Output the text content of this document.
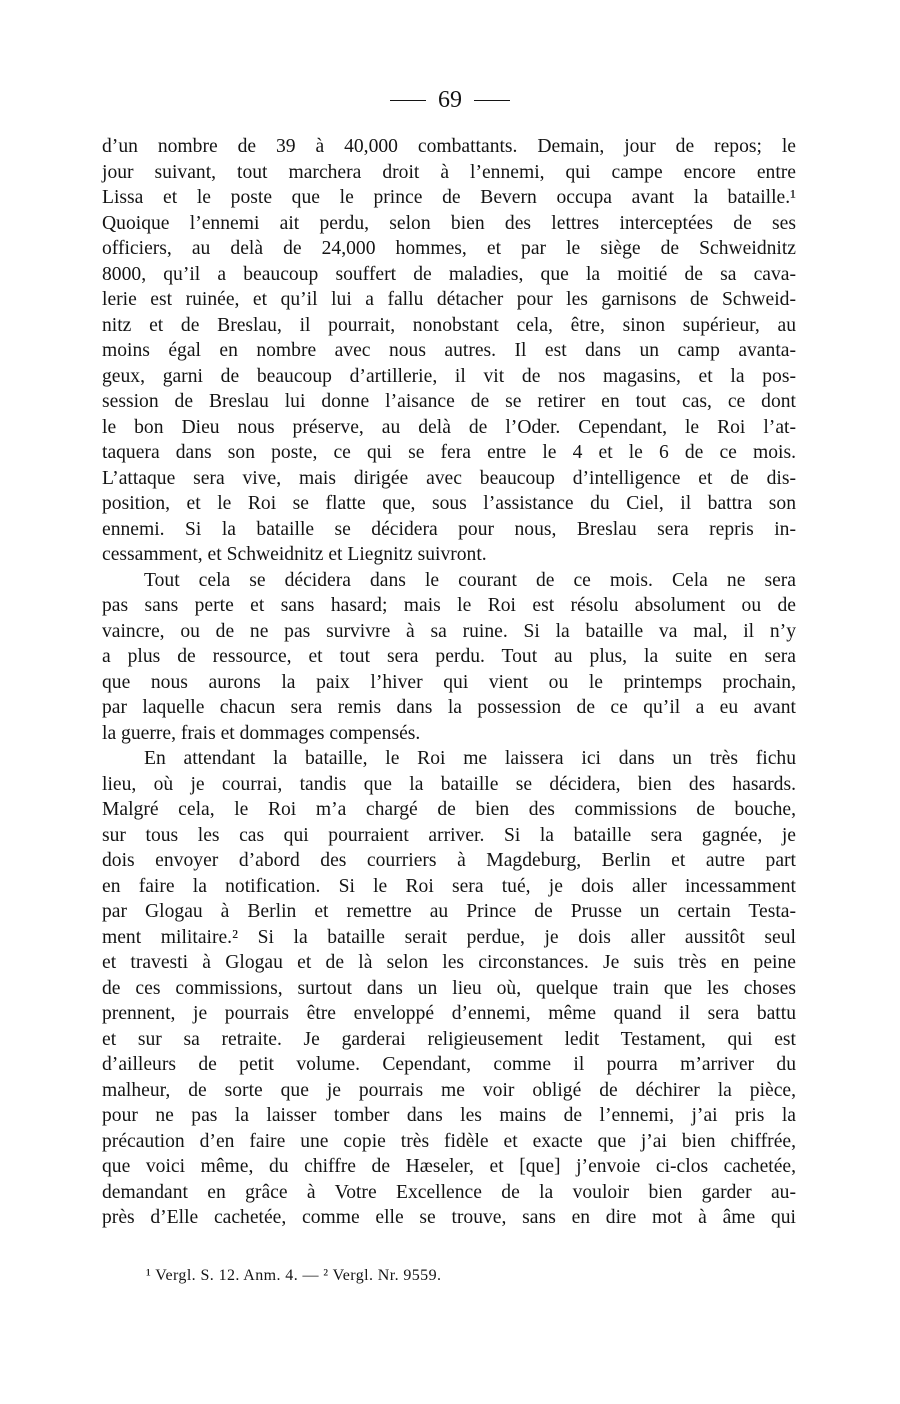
69
d’un nombre de 39 à 40,000 combattants. Demain, jour de repos; le
jour suivant, tout marchera droit à l’ennemi, qui campe encore entre
Lissa et le poste que le prince de Bevern occupa avant la bataille.¹
Quoique l’ennemi ait perdu, selon bien des lettres interceptées de ses
officiers, au delà de 24,000 hommes, et par le siège de Schweidnitz
8000, qu’il a beaucoup souffert de maladies, que la moitié de sa cava-
lerie est ruinée, et qu’il lui a fallu détacher pour les garnisons de Schweid-
nitz et de Breslau, il pourrait, nonobstant cela, être, sinon supérieur, au
moins égal en nombre avec nous autres. Il est dans un camp avanta-
geux, garni de beaucoup d’artillerie, il vit de nos magasins, et la pos-
session de Breslau lui donne l’aisance de se retirer en tout cas, ce dont
le bon Dieu nous préserve, au delà de l’Oder. Cependant, le Roi l’at-
taquera dans son poste, ce qui se fera entre le 4 et le 6 de ce mois.
L’attaque sera vive, mais dirigée avec beaucoup d’intelligence et de dis-
position, et le Roi se flatte que, sous l’assistance du Ciel, il battra son
ennemi. Si la bataille se décidera pour nous, Breslau sera repris in-
cessamment, et Schweidnitz et Liegnitz suivront.
Tout cela se décidera dans le courant de ce mois. Cela ne sera
pas sans perte et sans hasard; mais le Roi est résolu absolument ou de
vaincre, ou de ne pas survivre à sa ruine. Si la bataille va mal, il n’y
a plus de ressource, et tout sera perdu. Tout au plus, la suite en sera
que nous aurons la paix l’hiver qui vient ou le printemps prochain,
par laquelle chacun sera remis dans la possession de ce qu’il a eu avant
la guerre, frais et dommages compensés.
En attendant la bataille, le Roi me laissera ici dans un très fichu
lieu, où je courrai, tandis que la bataille se décidera, bien des hasards.
Malgré cela, le Roi m’a chargé de bien des commissions de bouche,
sur tous les cas qui pourraient arriver. Si la bataille sera gagnée, je
dois envoyer d’abord des courriers à Magdeburg, Berlin et autre part
en faire la notification. Si le Roi sera tué, je dois aller incessamment
par Glogau à Berlin et remettre au Prince de Prusse un certain Testa-
ment militaire.² Si la bataille serait perdue, je dois aller aussitôt seul
et travesti à Glogau et de là selon les circonstances. Je suis très en peine
de ces commissions, surtout dans un lieu où, quelque train que les choses
prennent, je pourrais être enveloppé d’ennemi, même quand il sera battu
et sur sa retraite. Je garderai religieusement ledit Testament, qui est
d’ailleurs de petit volume. Cependant, comme il pourra m’arriver du
malheur, de sorte que je pourrais me voir obligé de déchirer la pièce,
pour ne pas la laisser tomber dans les mains de l’ennemi, j’ai pris la
précaution d’en faire une copie très fidèle et exacte que j’ai bien chiffrée,
que voici même, du chiffre de Hæseler, et [que] j’envoie ci-clos cachetée,
demandant en grâce à Votre Excellence de la vouloir bien garder au-
près d’Elle cachetée, comme elle se trouve, sans en dire mot à âme qui
¹ Vergl. S. 12. Anm. 4. — ² Vergl. Nr. 9559.
